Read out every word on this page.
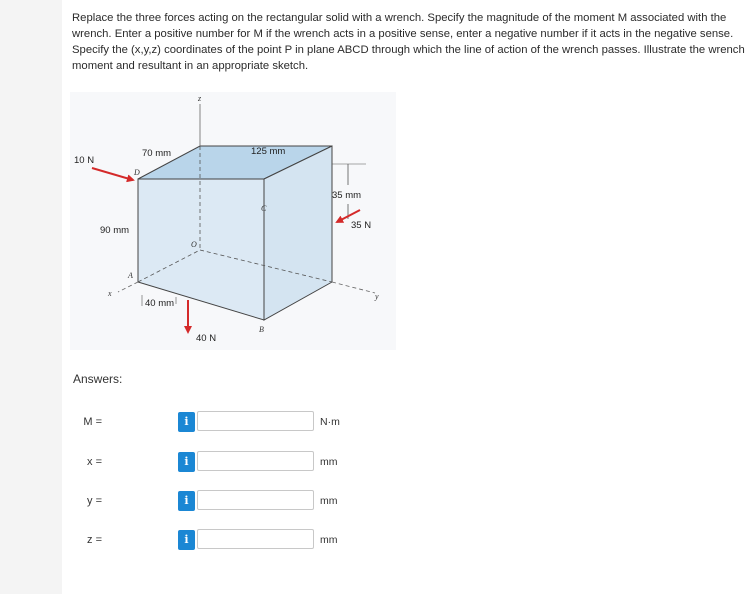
Replace the three forces acting on the rectangular solid with a wrench. Specify the magnitude of the moment M associated with the wrench. Enter a positive number for M if the wrench acts in a positive sense, enter a negative number if it acts in the negative sense. Specify the (x,y,z) coordinates of the point P in plane ABCD through which the line of action of the wrench passes. Illustrate the wrench moment and resultant in an appropriate sketch.
z
y
x
D
C
A
B
O
10 N
70 mm	125 mm
35 mm
35 N
90 mm
40 mm
40 N
Answers:
M =	i	N·m
x =	i	mm
y =	i	mm
z =	i	mm
